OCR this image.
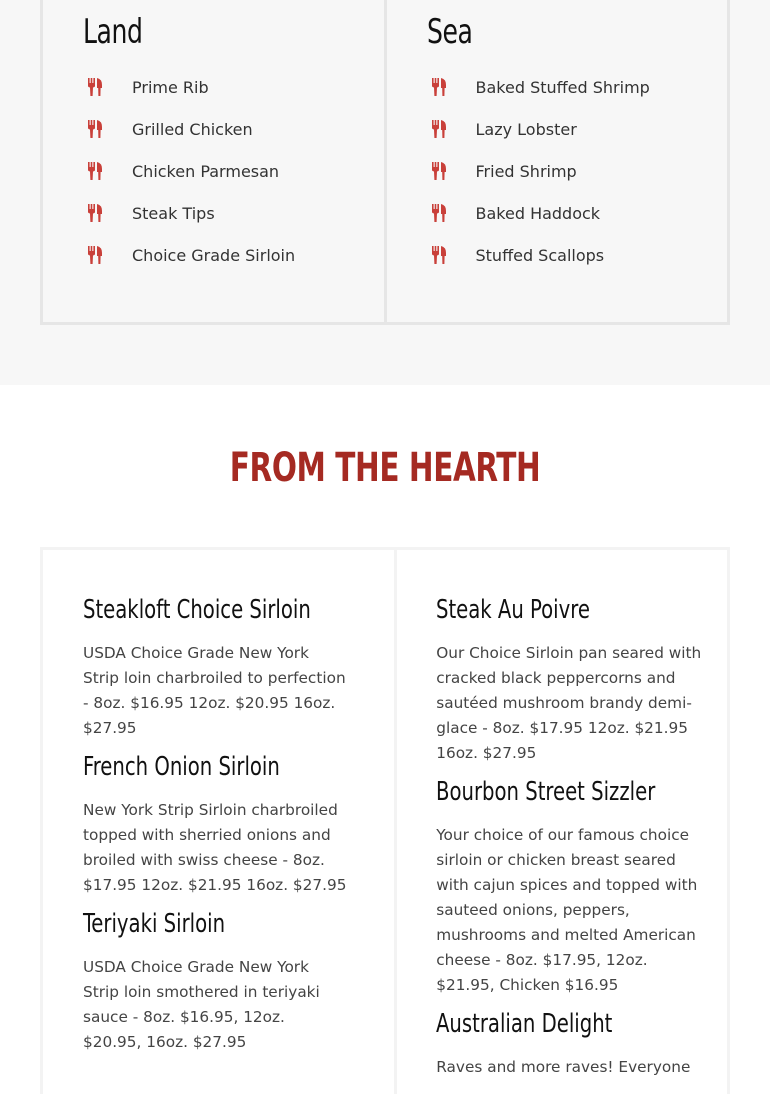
Land
Prime Rib
Grilled Chicken
Chicken Parmesan
Steak Tips
Choice Grade Sirloin
Sea
Baked Stuffed Shrimp
Lazy Lobster
Fried Shrimp
Baked Haddock
Stuffed Scallops
FROM THE HEARTH
Steakloft Choice Sirloin

USDA Choice Grade New York Strip loin charbroiled to perfection - 8oz. $16.95 12oz. $20.95 16oz. $27.95

French Onion Sirloin

New York Strip Sirloin charbroiled topped with sherried onions and broiled with swiss cheese - 8oz. $17.95 12oz. $21.95 16oz. $27.95

Teriyaki Sirloin

USDA Choice Grade New York Strip loin smothered in teriyaki sauce - 8oz. $16.95, 12oz. $20.95, 16oz. $27.95

Steak Au Poivre

Our Choice Sirloin pan seared with cracked black peppercorns and sautéed mushroom brandy demi-glace - 8oz. $17.95 12oz. $21.95 16oz. $27.95

Bourbon Street Sizzler

Your choice of our famous choice sirloin or chicken breast seared with cajun spices and topped with sauteed onions, peppers, mushrooms and melted American cheese - 8oz. $17.95, 12oz. $21.95, Chicken $16.95

Australian Delight

Raves and more raves! Everyone
